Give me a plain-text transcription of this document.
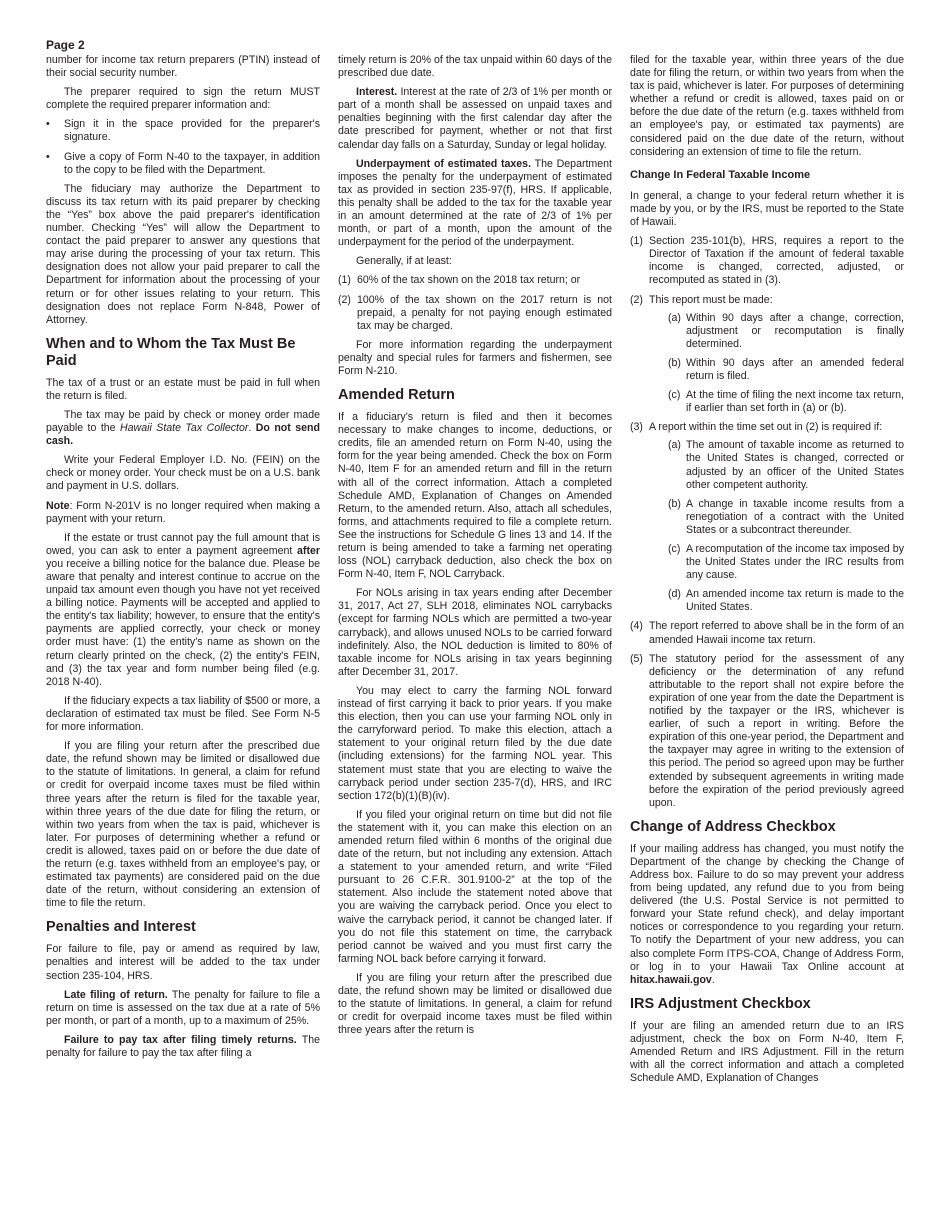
Page 2

number for income tax return preparers (PTIN) instead of their social security number.

The preparer required to sign the return MUST complete the required preparer information and:

• Sign it in the space provided for the preparer's signature.
• Give a copy of Form N-40 to the taxpayer, in addition to the copy to be filed with the Department.

The fiduciary may authorize the Department to discuss its tax return with its paid preparer by checking the “Yes” box above the paid preparer's identification number. Checking “Yes” will allow the Department to contact the paid preparer to answer any questions that may arise during the processing of your tax return. This designation does not allow your paid preparer to call the Department for information about the processing of your return or for other issues relating to your return. This designation does not replace Form N-848, Power of Attorney.

When and to Whom the Tax Must Be Paid

The tax of a trust or an estate must be paid in full when the return is filed.

The tax may be paid by check or money order made payable to the Hawaii State Tax Collector. Do not send cash.

Write your Federal Employer I.D. No. (FEIN) on the check or money order. Your check must be on a U.S. bank and payment in U.S. dollars.

Note: Form N-201V is no longer required when making a payment with your return.

If the estate or trust cannot pay the full amount that is owed, you can ask to enter a payment agreement after you receive a billing notice for the balance due. Please be aware that penalty and interest continue to accrue on the unpaid tax amount even though you have not yet received a billing notice. Payments will be accepted and applied to the entity's tax liability; however, to ensure that the entity's payments are applied correctly, your check or money order must have: (1) the entity's name as shown on the return clearly printed on the check, (2) the entity's FEIN, and (3) the tax year and form number being filed (e.g. 2018 N-40).

If the fiduciary expects a tax liability of $500 or more, a declaration of estimated tax must be filed. See Form N-5 for more information.

If you are filing your return after the prescribed due date, the refund shown may be limited or disallowed due to the statute of limitations. In general, a claim for refund or credit for overpaid income taxes must be filed within three years after the return is filed for the taxable year, within three years of the due date for filing the return, or within two years from when the tax is paid, whichever is later. For purposes of determining whether a refund or credit is allowed, taxes paid on or before the due date of the return (e.g. taxes withheld from an employee's pay, or estimated tax payments) are considered paid on the due date of the return, without considering an extension of time to file the return.

Penalties and Interest

For failure to file, pay or amend as required by law, penalties and interest will be added to the tax under section 235-104, HRS.

Late filing of return. The penalty for failure to file a return on time is assessed on the tax due at a rate of 5% per month, or part of a month, up to a maximum of 25%.

Failure to pay tax after filing timely returns. The penalty for failure to pay the tax after filing a

timely return is 20% of the tax unpaid within 60 days of the prescribed due date.

Interest. Interest at the rate of 2/3 of 1% per month or part of a month shall be assessed on unpaid taxes and penalties beginning with the first calendar day after the date prescribed for payment, whether or not that first calendar day falls on a Saturday, Sunday or legal holiday.

Underpayment of estimated taxes. The Department imposes the penalty for the underpayment of estimated tax as provided in section 235-97(f), HRS. If applicable, this penalty shall be added to the tax for the taxable year in an amount determined at the rate of 2/3 of 1% per month, or part of a month, upon the amount of the underpayment for the period of the underpayment.

Generally, if at least:

(1) 60% of the tax shown on the 2018 tax return; or
(2) 100% of the tax shown on the 2017 return is not prepaid, a penalty for not paying enough estimated tax may be charged.

For more information regarding the underpayment penalty and special rules for farmers and fishermen, see Form N-210.

Amended Return

If a fiduciary's return is filed and then it becomes necessary to make changes to income, deductions, or credits, file an amended return on Form N-40, using the form for the year being amended. Check the box on Form N-40, Item F for an amended return and fill in the return with all of the correct information. Attach a completed Schedule AMD, Explanation of Changes on Amended Return, to the amended return. Also, attach all schedules, forms, and attachments required to file a complete return. See the instructions for Schedule G lines 13 and 14. If the return is being amended to take a farming net operating loss (NOL) carryback deduction, also check the box on Form N-40, Item F, NOL Carryback.

For NOLs arising in tax years ending after December 31, 2017, Act 27, SLH 2018, eliminates NOL carrybacks (except for farming NOLs which are permitted a two-year carryback), and allows unused NOLs to be carried forward indefinitely. Also, the NOL deduction is limited to 80% of taxable income for NOLs arising in tax years beginning after December 31, 2017.

You may elect to carry the farming NOL forward instead of first carrying it back to prior years. If you make this election, then you can use your farming NOL only in the carryforward period. To make this election, attach a statement to your original return filed by the due date (including extensions) for the farming NOL year. This statement must state that you are electing to waive the carryback period under section 235-7(d), HRS, and IRC section 172(b)(1)(B)(iv).

If you filed your original return on time but did not file the statement with it, you can make this election on an amended return filed within 6 months of the original due date of the return, but not including any extension. Attach a statement to your amended return, and write “Filed pursuant to 26 C.F.R. 301.9100-2” at the top of the statement. Also include the statement noted above that you are waiving the carryback period. Once you elect to waive the carryback period, it cannot be changed later. If you do not file this statement on time, the carryback period cannot be waived and you must first carry the farming NOL back before carrying it forward.

If you are filing your return after the prescribed due date, the refund shown may be limited or disallowed due to the statute of limitations. In general, a claim for refund or credit for overpaid income taxes must be filed within three years after the return is

filed for the taxable year, within three years of the due date for filing the return, or within two years from when the tax is paid, whichever is later. For purposes of determining whether a refund or credit is allowed, taxes paid on or before the due date of the return (e.g. taxes withheld from an employee's pay, or estimated tax payments) are considered paid on the due date of the return, without considering an extension of time to file the return.

Change In Federal Taxable Income

In general, a change to your federal return whether it is made by you, or by the IRS, must be reported to the State of Hawaii.

(1) Section 235-101(b), HRS, requires a report to the Director of Taxation if the amount of federal taxable income is changed, corrected, adjusted, or recomputed as stated in (3).
(2) This report must be made:
(a) Within 90 days after a change, correction, adjustment or recomputation is finally determined.
(b) Within 90 days after an amended federal return is filed.
(c) At the time of filing the next income tax return, if earlier than set forth in (a) or (b).
(3) A report within the time set out in (2) is required if:
(a) The amount of taxable income as returned to the United States is changed, corrected or adjusted by an officer of the United States other competent authority.
(b) A change in taxable income results from a renegotiation of a contract with the United States or a subcontract thereunder.
(c) A recomputation of the income tax imposed by the United States under the IRC results from any cause.
(d) An amended income tax return is made to the United States.
(4) The report referred to above shall be in the form of an amended Hawaii income tax return.
(5) The statutory period for the assessment of any deficiency or the determination of any refund attributable to the report shall not expire before the expiration of one year from the date the Department is notified by the taxpayer or the IRS, whichever is earlier, of such a report in writing. Before the expiration of this one-year period, the Department and the taxpayer may agree in writing to the extension of this period. The period so agreed upon may be further extended by subsequent agreements in writing made before the expiration of the period previously agreed upon.
Change of Address Checkbox

If your mailing address has changed, you must notify the Department of the change by checking the Change of Address box. Failure to do so may prevent your address from being updated, any refund due to you from being delivered (the U.S. Postal Service is not permitted to forward your State refund check), and delay important notices or correspondence to you regarding your return. To notify the Department of your new address, you can also complete Form ITPS-COA, Change of Address Form, or log in to your Hawaii Tax Online account at hitax.hawaii.gov.

IRS Adjustment Checkbox

If your are filing an amended return due to an IRS adjustment, check the box on Form N-40, Item F, Amended Return and IRS Adjustment. Fill in the return with all the correct information and attach a completed Schedule AMD, Explanation of Changes
